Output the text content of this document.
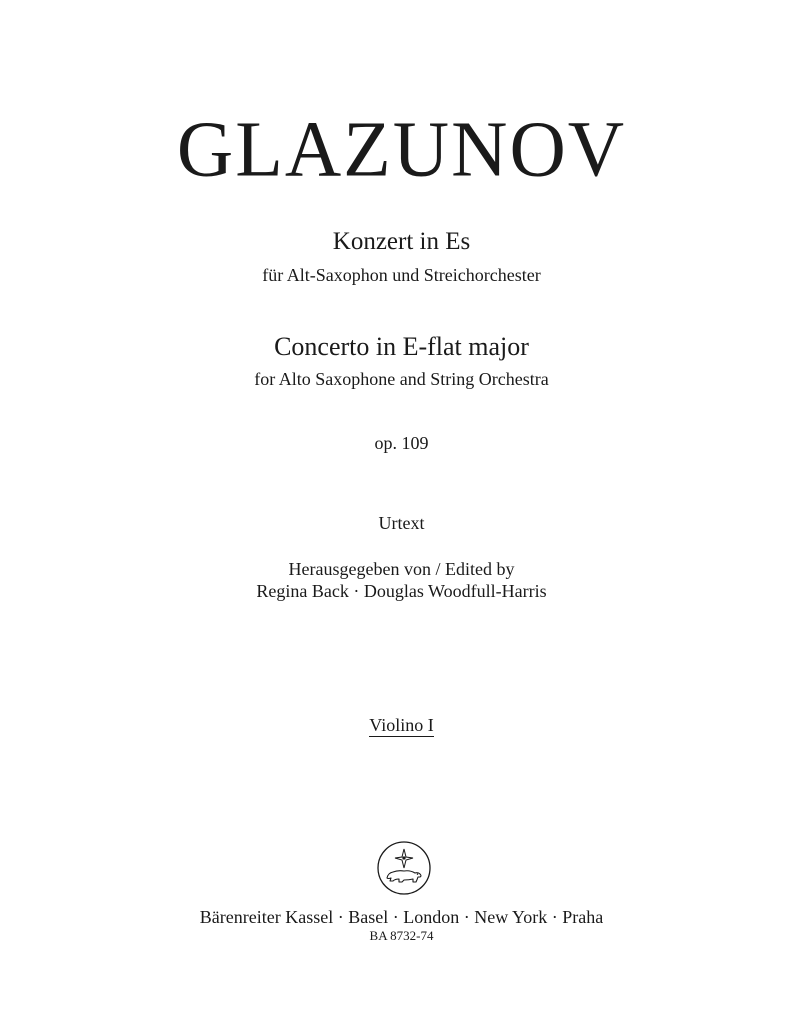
GLAZUNOV
Konzert in Es
für Alt-Saxophon und Streichorchester
Concerto in E-flat major
for Alto Saxophone and String Orchestra
op. 109
Urtext
Herausgegeben von / Edited by
Regina Back · Douglas Woodfull-Harris
Violino I
Bärenreiter Kassel · Basel · London · New York · Praha
BA 8732-74
